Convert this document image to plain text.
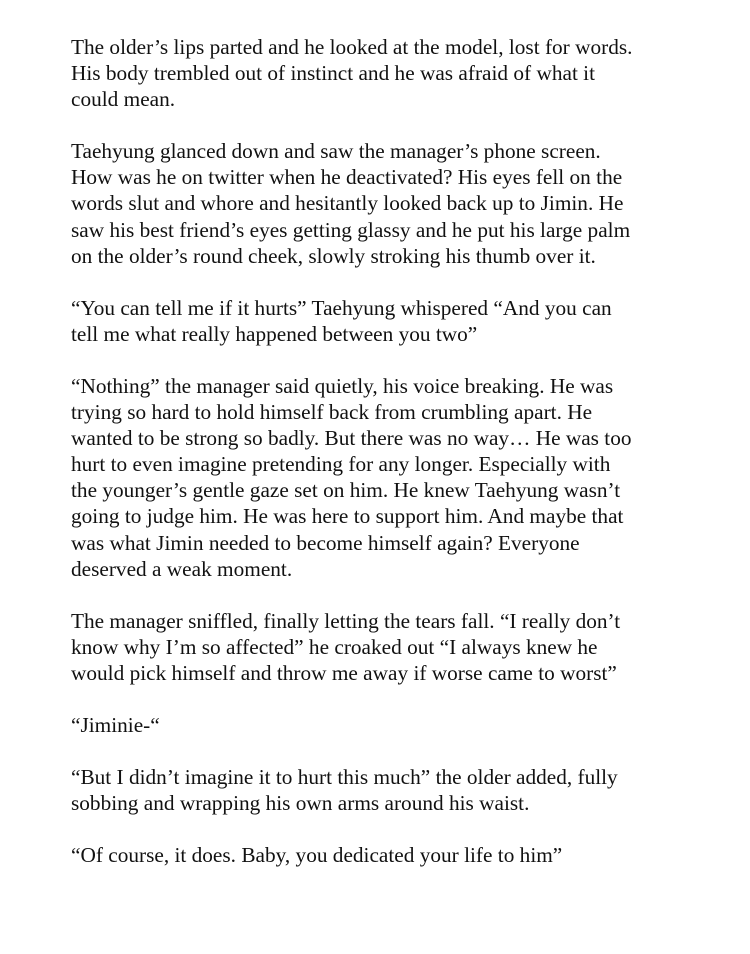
The older’s lips parted and he looked at the model, lost for words.
His body trembled out of instinct and he was afraid of what it
could mean.

Taehyung glanced down and saw the manager’s phone screen.
How was he on twitter when he deactivated? His eyes fell on the
words slut and whore and hesitantly looked back up to Jimin. He
saw his best friend’s eyes getting glassy and he put his large palm
on the older’s round cheek, slowly stroking his thumb over it.

“You can tell me if it hurts” Taehyung whispered “And you can
tell me what really happened between you two”

“Nothing” the manager said quietly, his voice breaking. He was
trying so hard to hold himself back from crumbling apart. He
wanted to be strong so badly. But there was no way… He was too
hurt to even imagine pretending for any longer. Especially with
the younger’s gentle gaze set on him. He knew Taehyung wasn’t
going to judge him. He was here to support him. And maybe that
was what Jimin needed to become himself again? Everyone
deserved a weak moment.

The manager sniffled, finally letting the tears fall. “I really don’t
know why I’m so affected” he croaked out “I always knew he
would pick himself and throw me away if worse came to worst”

“Jiminie-“

“But I didn’t imagine it to hurt this much” the older added, fully
sobbing and wrapping his own arms around his waist.

“Of course, it does. Baby, you dedicated your life to him”
